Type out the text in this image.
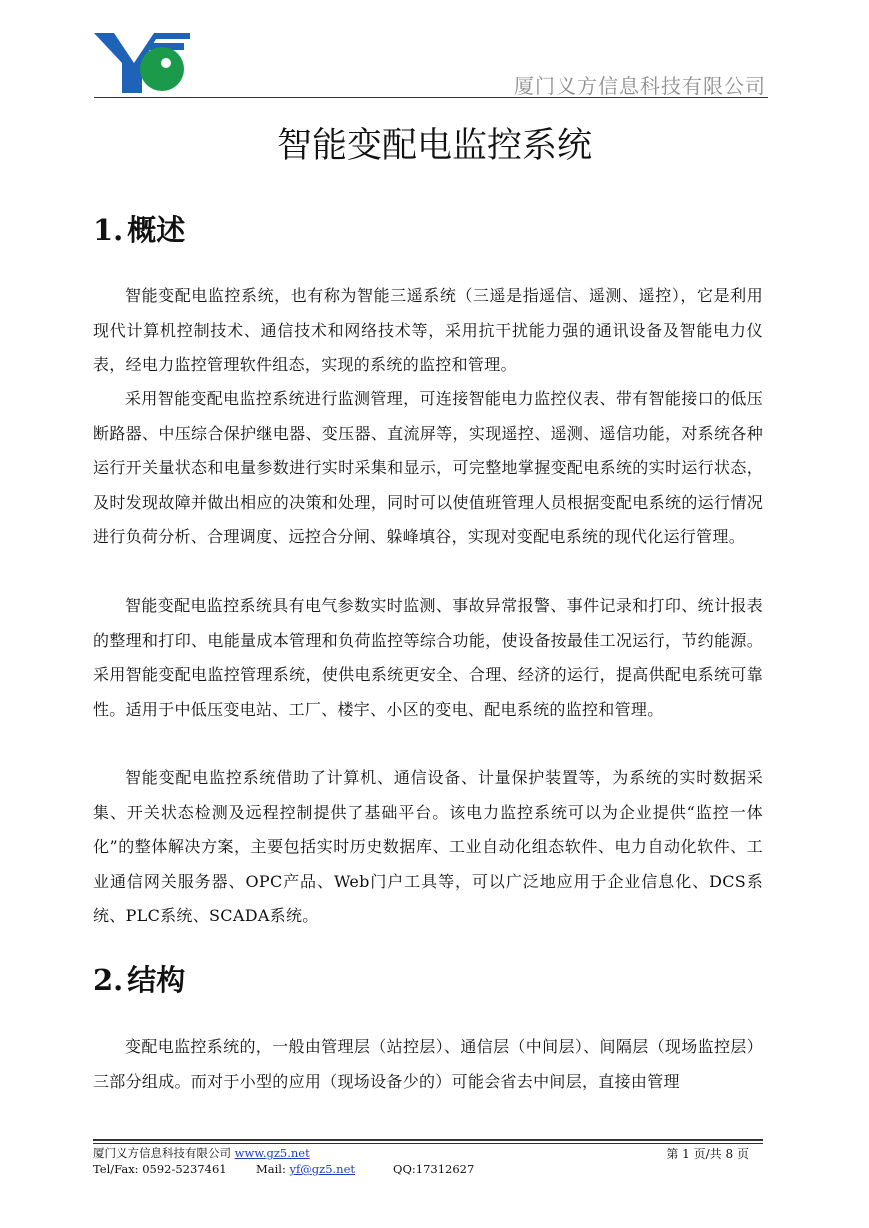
厦门义方信息科技有限公司
智能变配电监控系统
1. 概述

智能变配电监控系统，也有称为智能三遥系统（三遥是指遥信、遥测、遥控），它是利用现代计算机控制技术、通信技术和网络技术等，采用抗干扰能力强的通讯设备及智能电力仪表，经电力监控管理软件组态，实现的系统的监控和管理。

采用智能变配电监控系统进行监测管理，可连接智能电力监控仪表、带有智能接口的低压断路器、中压综合保护继电器、变压器、直流屏等，实现遥控、遥测、遥信功能，对系统各种运行开关量状态和电量参数进行实时采集和显示，可完整地掌握变配电系统的实时运行状态，及时发现故障并做出相应的决策和处理，同时可以使值班管理人员根据变配电系统的运行情况进行负荷分析、合理调度、远控合分闸、躲峰填谷，实现对变配电系统的现代化运行管理。

智能变配电监控系统具有电气参数实时监测、事故异常报警、事件记录和打印、统计报表的整理和打印、电能量成本管理和负荷监控等综合功能，使设备按最佳工况运行，节约能源。采用智能变配电监控管理系统，使供电系统更安全、合理、经济的运行，提高供配电系统可靠性。适用于中低压变电站、工厂、楼宇、小区的变电、配电系统的监控和管理。

智能变配电监控系统借助了计算机、通信设备、计量保护装置等，为系统的实时数据采集、开关状态检测及远程控制提供了基础平台。该电力监控系统可以为企业提供“监控一体化”的整体解决方案，主要包括实时历史数据库、工业自动化组态软件、电力自动化软件、工业通信网关服务器、OPC产品、Web门户工具等，可以广泛地应用于企业信息化、DCS系统、PLC系统、SCADA系统。

2. 结构

变配电监控系统的，一般由管理层（站控层）、通信层（中间层）、间隔层（现场监控层）三部分组成。而对于小型的应用（现场设备少的）可能会省去中间层，直接由管理

厦门义方信息科技有限公司 www.gz5.net	第 1 页/共 8 页
Tel/Fax: 0592-5237461	Mail: yf@gz5.net	QQ:17312627
